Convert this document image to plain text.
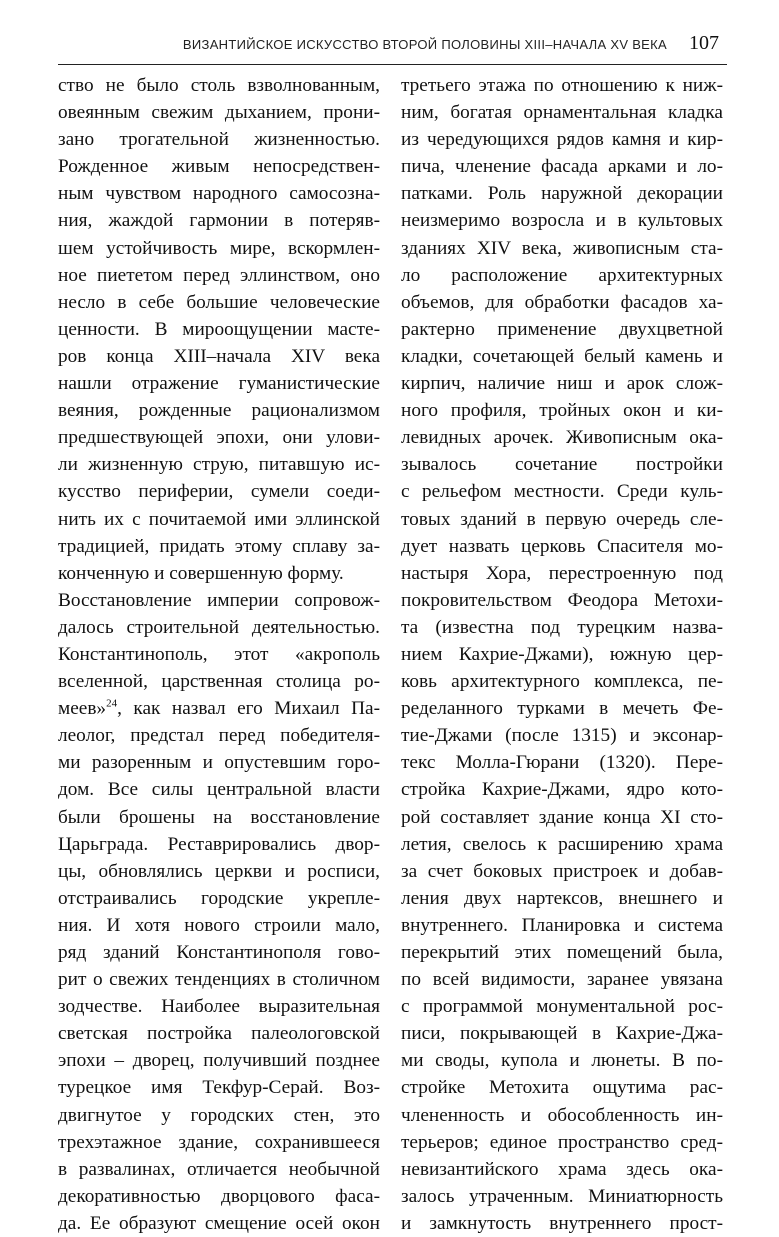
ВИЗАНТИЙСКОЕ ИСКУССТВО ВТОРОЙ ПОЛОВИНЫ XIII–НАЧАЛА XV ВЕКА 107
ство не было столь взволнованным,
овеянным свежим дыханием, прони-
зано трогательной жизненностью.
Рожденное живым непосредствен-
ным чувством народного самосозна-
ния, жаждой гармонии в потеряв-
шем устойчивость мире, вскормлен-
ное пиететом перед эллинством, оно
несло в себе большие человеческие
ценности. В мироощущении масте-
ров конца XIII–начала XIV века
нашли отражение гуманистические
веяния, рожденные рационализмом
предшествующей эпохи, они улови-
ли жизненную струю, питавшую ис-
кусство периферии, сумели соеди-
нить их с почитаемой ими эллинской
традицией, придать этому сплаву за-
конченную и совершенную форму.
Восстановление империи сопровож-
далось строительной деятельностью.
Константинополь, этот «акрополь
вселенной, царственная столица ро-
меев»$^{24}$, как назвал его Михаил Па-
леолог, предстал перед победителя-
ми разоренным и опустевшим горо-
дом. Все силы центральной власти
были брошены на восстановление
Царьграда. Реставрировались двор-
цы, обновлялись церкви и росписи,
отстраивались городские укрепле-
ния. И хотя нового строили мало,
ряд зданий Константинополя гово-
рит о свежих тенденциях в столичном
зодчестве. Наиболее выразительная
светская постройка палеологовской
эпохи – дворец, получивший позднее
турецкое имя Текфур-Серай. Воз-
двигнутое у городских стен, это
трехэтажное здание, сохранившееся
в развалинах, отличается необычной
декоративностью дворцового фаса-
да. Ее образуют смещение осей окон
третьего этажа по отношению к ниж-
ним, богатая орнаментальная кладка
из чередующихся рядов камня и кир-
пича, членение фасада арками и ло-
патками. Роль наружной декорации
неизмеримо возросла и в культовых
зданиях XIV века, живописным ста-
ло расположение архитектурных
объемов, для обработки фасадов ха-
рактерно применение двухцветной
кладки, сочетающей белый камень и
кирпич, наличие ниш и арок слож-
ного профиля, тройных окон и ки-
левидных арочек. Живописным ока-
зывалось сочетание постройки
с рельефом местности. Среди куль-
товых зданий в первую очередь сле-
дует назвать церковь Спасителя мо-
настыря Хора, перестроенную под
покровительством Феодора Метохи-
та (известна под турецким назва-
нием Кахрие-Джами), южную цер-
ковь архитектурного комплекса, пе-
ределанного турками в мечеть Фе-
тие-Джами (после 1315) и эксонар-
текс Молла-Гюрани (1320). Пере-
стройка Кахрие-Джами, ядро кото-
рой составляет здание конца XI сто-
летия, свелось к расширению храма
за счет боковых пристроек и добав-
ления двух нартексов, внешнего и
внутреннего. Планировка и система
перекрытий этих помещений была,
по всей видимости, заранее увязана
с программой монументальной рос-
писи, покрывающей в Кахрие-Джа-
ми своды, купола и люнеты. В по-
стройке Метохита ощутима рас-
члененность и обособленность ин-
терьеров; единое пространство сред-
невизантийского храма здесь ока-
залось утраченным. Миниатюрность
и замкнутость внутреннего прост-
